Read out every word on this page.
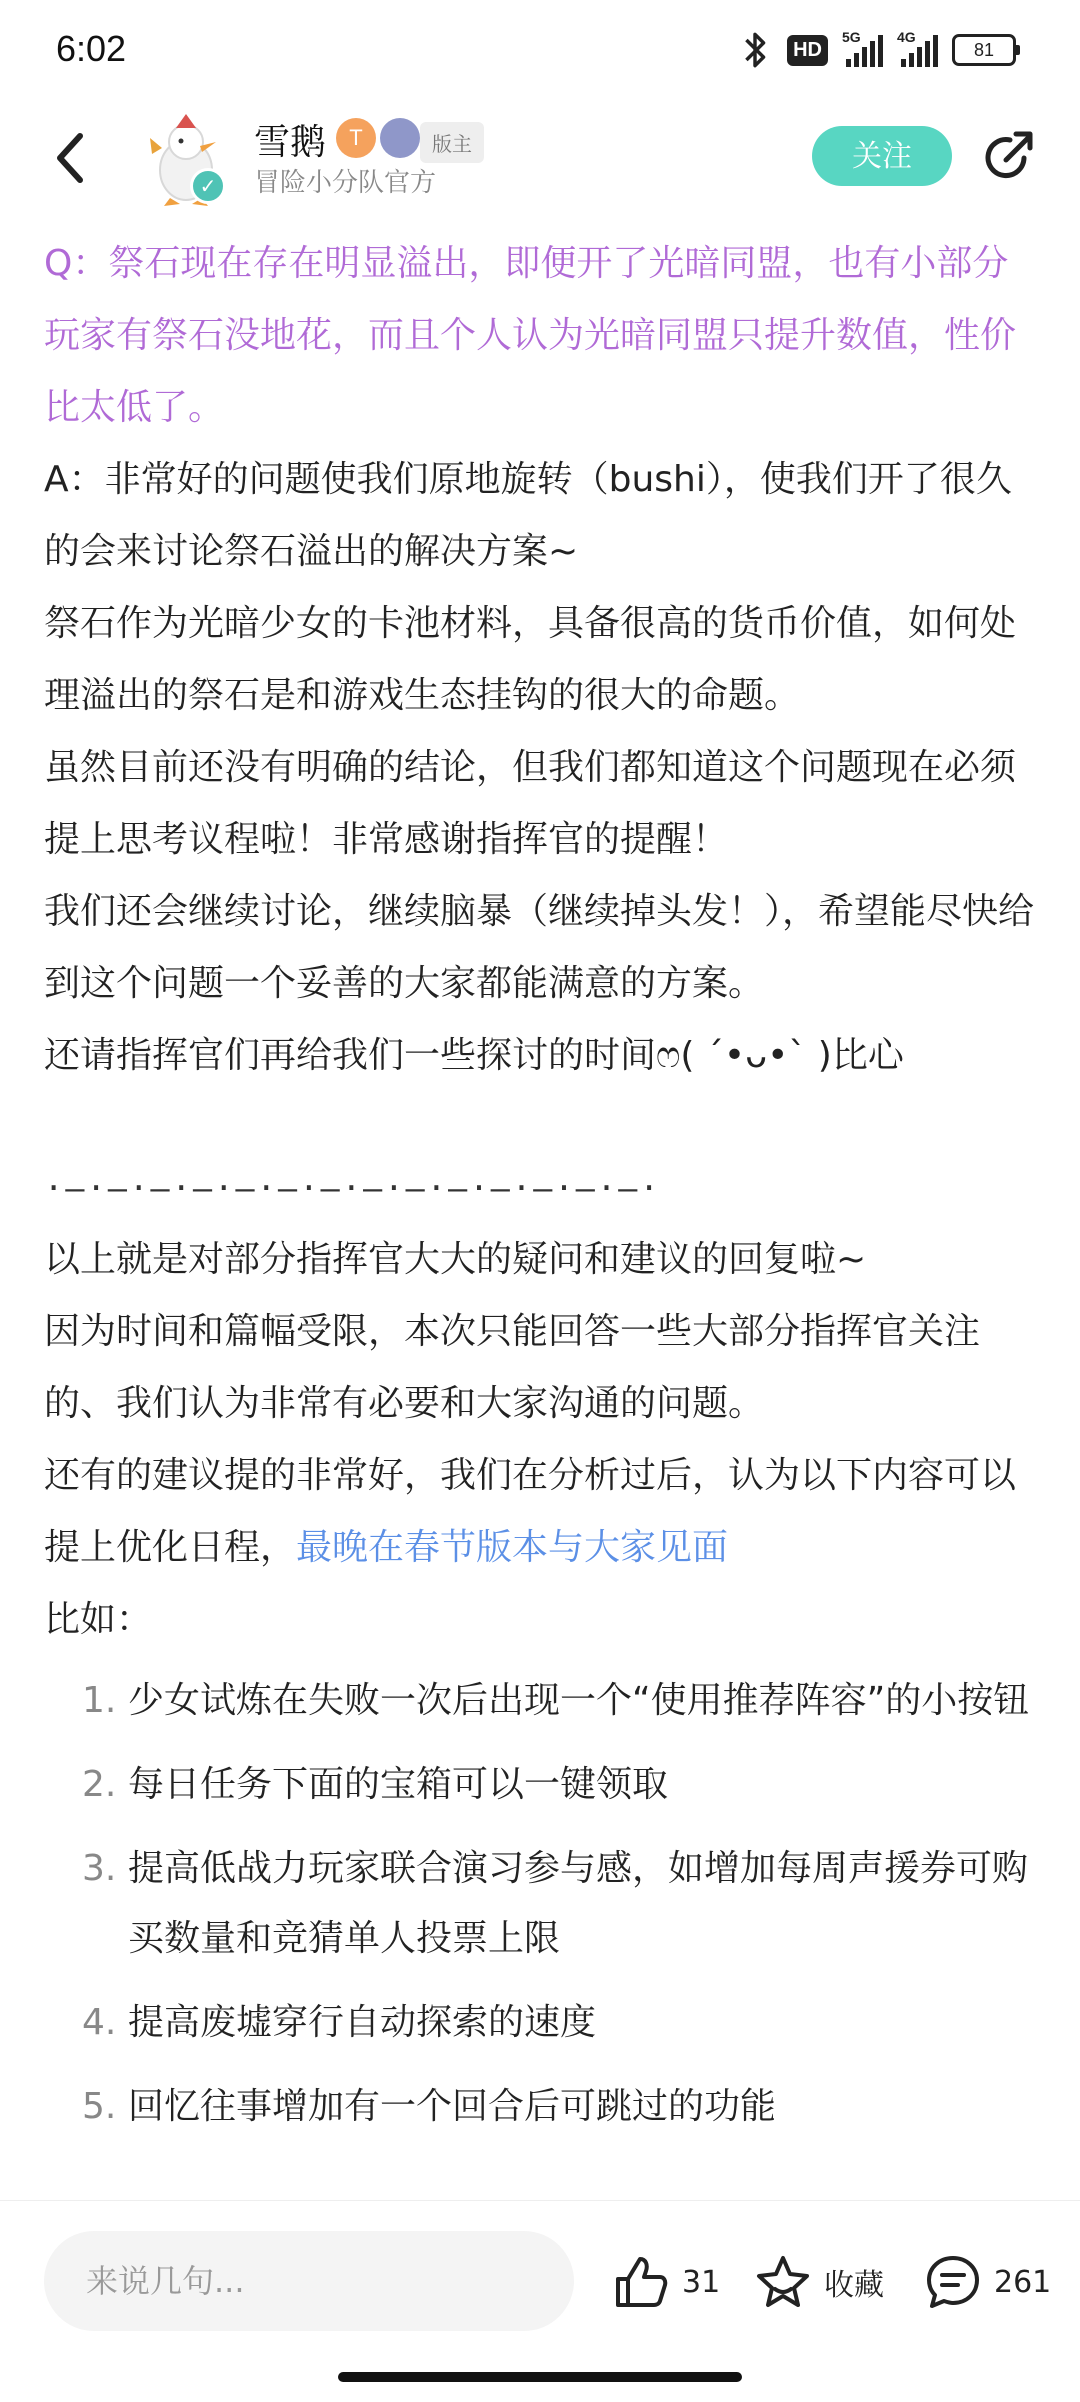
6:02	HD
5G	4G
81
✓
雪鹅	T	版主
冒险小分队官方
关注

Q：祭石现在存在明显溢出，即便开了光暗同盟，也有小部分玩家有祭石没地花，而且个人认为光暗同盟只提升数值，性价比太低了。

A：非常好的问题使我们原地旋转（bushi），使我们开了很久的会来讨论祭石溢出的解决方案~

祭石作为光暗少女的卡池材料，具备很高的货币价值，如何处理溢出的祭石是和游戏生态挂钩的很大的命题。

虽然目前还没有明确的结论，但我们都知道这个问题现在必须提上思考议程啦！非常感谢指挥官的提醒！

我们还会继续讨论，继续脑暴（继续掉头发！），希望能尽快给到这个问题一个妥善的大家都能满意的方案。

还请指挥官们再给我们一些探讨的时间ෆ( ˊ•ᴗ•ˋ )比心

·—·—·—·—·—·—·—·—·—·—·—·—·—·—·

以上就是对部分指挥官大大的疑问和建议的回复啦~

因为时间和篇幅受限，本次只能回答一些大部分指挥官关注的、我们认为非常有必要和大家沟通的问题。

还有的建议提的非常好，我们在分析过后，认为以下内容可以提上优化日程，最晚在春节版本与大家见面

比如：

1. 少女试炼在失败一次后出现一个“使用推荐阵容”的小按钮
2. 每日任务下面的宝箱可以一键领取
3. 提高低战力玩家联合演习参与感，如增加每周声援券可购买数量和竞猜单人投票上限
4. 提高废墟穿行自动探索的速度
5. 回忆往事增加有一个回合后可跳过的功能
来说几句...	31	收藏	261
